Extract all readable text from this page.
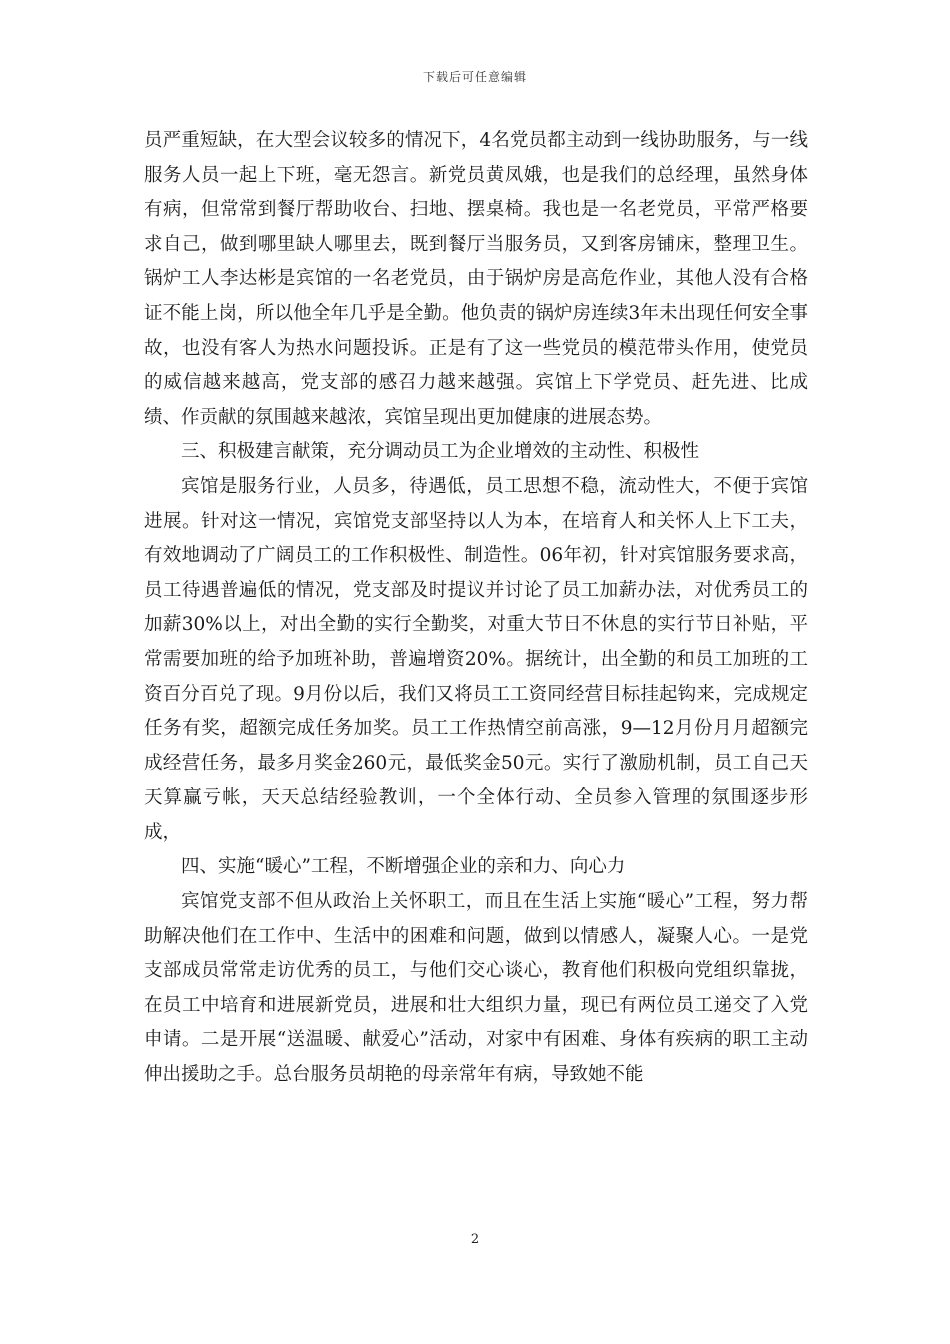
下载后可任意编辑

员严重短缺，在大型会议较多的情况下，4名党员都主动到一线协助服务，与一线服务人员一起上下班，毫无怨言。新党员黄凤娥，也是我们的总经理，虽然身体有病，但常常到餐厅帮助收台、扫地、摆桌椅。我也是一名老党员，平常严格要求自己，做到哪里缺人哪里去，既到餐厅当服务员，又到客房铺床，整理卫生。锅炉工人李达彬是宾馆的一名老党员，由于锅炉房是高危作业，其他人没有合格证不能上岗，所以他全年几乎是全勤。他负责的锅炉房连续3年未出现任何安全事故，也没有客人为热水问题投诉。正是有了这一些党员的模范带头作用，使党员的威信越来越高，党支部的感召力越来越强。宾馆上下学党员、赶先进、比成绩、作贡献的氛围越来越浓，宾馆呈现出更加健康的进展态势。

三、积极建言献策，充分调动员工为企业增效的主动性、积极性

宾馆是服务行业，人员多，待遇低，员工思想不稳，流动性大，不便于宾馆进展。针对这一情况，宾馆党支部坚持以人为本，在培育人和关怀人上下工夫，有效地调动了广阔员工的工作积极性、制造性。06年初，针对宾馆服务要求高，员工待遇普遍低的情况，党支部及时提议并讨论了员工加薪办法，对优秀员工的加薪30%以上，对出全勤的实行全勤奖，对重大节日不休息的实行节日补贴，平常需要加班的给予加班补助，普遍增资20%。据统计，出全勤的和员工加班的工资百分百兑了现。9月份以后，我们又将员工工资同经营目标挂起钩来，完成规定任务有奖，超额完成任务加奖。员工工作热情空前高涨，9—12月份月月超额完成经营任务，最多月奖金260元，最低奖金50元。实行了激励机制，员工自己天天算赢亏帐，天天总结经验教训，一个全体行动、全员参入管理的氛围逐步形成，

四、实施“暖心”工程，不断增强企业的亲和力、向心力

宾馆党支部不但从政治上关怀职工，而且在生活上实施“暖心”工程，努力帮助解决他们在工作中、生活中的困难和问题，做到以情感人，凝聚人心。一是党支部成员常常走访优秀的员工，与他们交心谈心，教育他们积极向党组织靠拢，在员工中培育和进展新党员，进展和壮大组织力量，现已有两位员工递交了入党申请。二是开展“送温暖、献爱心”活动，对家中有困难、身体有疾病的职工主动伸出援助之手。总台服务员胡艳的母亲常年有病，导致她不能

2
